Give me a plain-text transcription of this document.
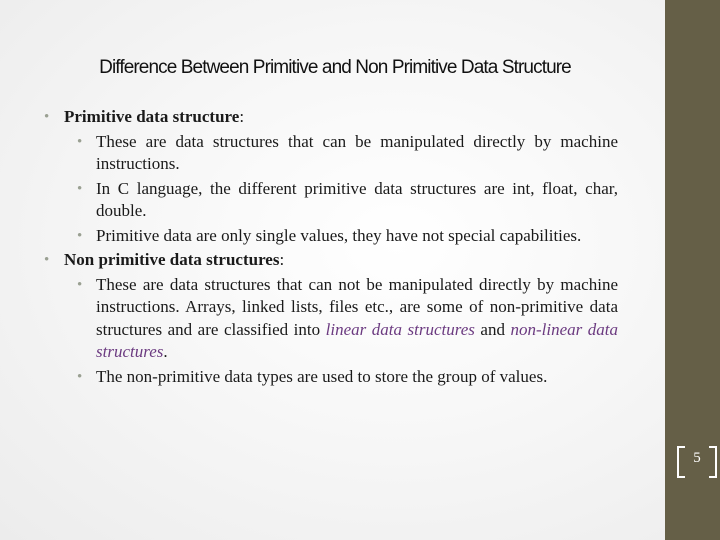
Difference Between Primitive and Non Primitive Data Structure
• Primitive data structure:
• These are data structures that can be manipulated directly by machine instructions.
• In C language, the different primitive data structures are int, float, char, double.
• Primitive data are only single values, they have not special capabilities.
• Non primitive data structures:
• These are data structures that can not be manipulated directly by machine instructions. Arrays, linked lists, files etc., are some of non-primitive data structures and are classified into linear data structures and non-linear data structures.
• The non-primitive data types are used to store the group of values.
5
